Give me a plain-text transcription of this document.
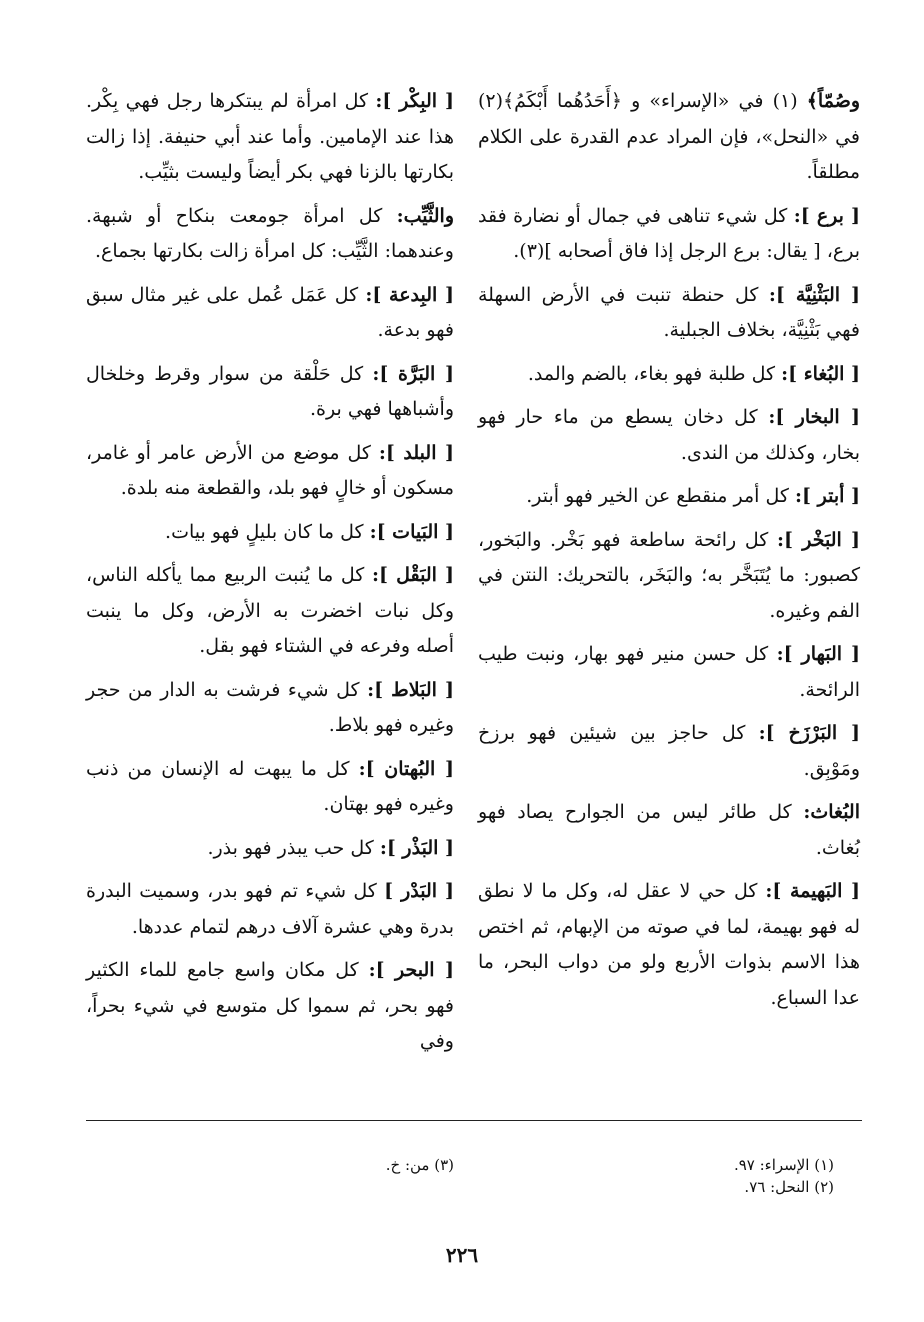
وصُمّاً﴾ (١) في «الإسراء» و ﴿أَحَدُهُما أَبْكَمُ﴾(٢) في «النحل»، فإن المراد عدم القدرة على الكلام مطلقاً.
[ برع ]: كل شيء تناهى في جمال أو نضارة فقد برع، [ يقال: برع الرجل إذا فاق أصحابه ](٣).
[ البَثْنِيَّة ]: كل حنطة تنبت في الأرض السهلة فهي بَثْنِيَّة، بخلاف الجبلية.
[ البُغاء ]: كل طلبة فهو بغاء، بالضم والمد.
[ البخار ]: كل دخان يسطع من ماء حار فهو بخار، وكذلك من الندى.
[ أبتر ]: كل أمر منقطع عن الخير فهو أبتر.
[ البَخْر ]: كل رائحة ساطعة فهو بَخْر. والبَخور، كصبور: ما يُتَبَخَّر به؛ والبَخَر، بالتحريك: النتن في الفم وغيره.
[ البَهار ]: كل حسن منير فهو بهار، ونبت طيب الرائحة.
[ البَرْزَخ ]: كل حاجز بين شيئين فهو برزخ ومَوْبِق.
البُغاث: كل طائر ليس من الجوارح يصاد فهو بُغاث.
[ البَهيمة ]: كل حي لا عقل له، وكل ما لا نطق له فهو بهيمة، لما في صوته من الإبهام، ثم اختص هذا الاسم بذوات الأربع ولو من دواب البحر، ما عدا السباع.
[ البِكْر ]: كل امرأة لم يبتكرها رجل فهي بِكْر. هذا عند الإمامين. وأما عند أبي حنيفة. إذا زالت بكارتها بالزنا فهي بكر أيضاً وليست بثيِّب.
والثَّيِّب: كل امرأة جومعت بنكاح أو شبهة. وعندهما: الثَّيِّب: كل امرأة زالت بكارتها بجماع.
[ البِدعة ]: كل عَمَل عُمل على غير مثال سبق فهو بدعة.
[ البَرَّة ]: كل حَلْقة من سوار وقرط وخلخال وأشباهها فهي برة.
[ البلد ]: كل موضع من الأرض عامر أو غامر، مسكون أو خالٍ فهو بلد، والقطعة منه بلدة.
[ البَيات ]: كل ما كان بليلٍ فهو بيات.
[ البَقْل ]: كل ما يُنبت الربيع مما يأكله الناس، وكل نبات اخضرت به الأرض، وكل ما ينبت أصله وفرعه في الشتاء فهو بقل.
[ البَلاط ]: كل شيء فرشت به الدار من حجر وغيره فهو بلاط.
[ البُهتان ]: كل ما يبهت له الإنسان من ذنب وغيره فهو بهتان.
[ البَذْر ]: كل حب يبذر فهو بذر.
[ البَدْر ] كل شيء تم فهو بدر، وسميت البدرة بدرة وهي عشرة آلاف درهم لتمام عددها.
[ البحر ]: كل مكان واسع جامع للماء الكثير فهو بحر، ثم سموا كل متوسع في شيء بحراً، وفي
(١) الإسراء: ٩٧.
(٢) النحل: ٧٦.
(٣) من: خ.
٢٢٦
